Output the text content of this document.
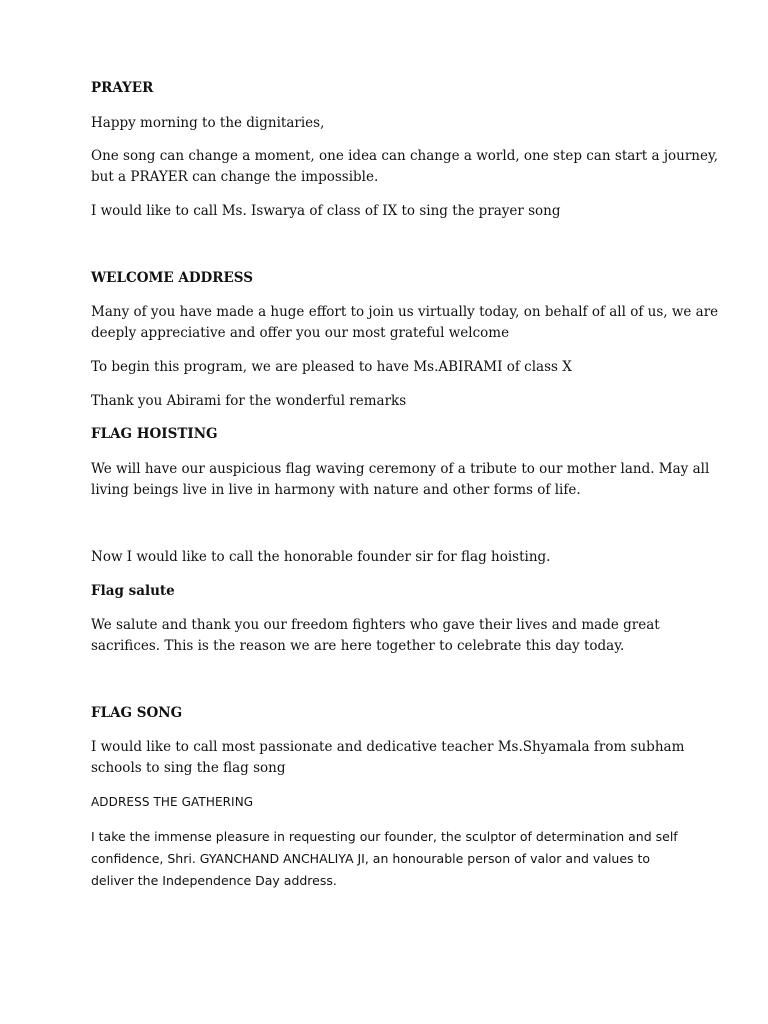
PRAYER

Happy morning to the dignitaries,

One song can change a moment, one idea can change a world, one step can start a journey,
but a PRAYER can change the impossible.

I would like to call Ms. Iswarya of class of IX to sing the prayer song

WELCOME ADDRESS

Many of you have made a huge effort to join us virtually today, on behalf of all of us, we are
deeply appreciative and offer you our most grateful welcome

To begin this program, we are pleased to have Ms.ABIRAMI of class X

Thank you Abirami for the wonderful remarks

FLAG HOISTING

We will have our auspicious flag waving ceremony of a tribute to our mother land. May all
living beings live in live in harmony with nature and other forms of life.

Now I would like to call the honorable founder sir for flag hoisting.

Flag salute

We salute and thank you our freedom fighters who gave their lives and made great
sacrifices. This is the reason we are here together to celebrate this day today.

FLAG SONG

I would like to call most passionate and dedicative teacher Ms.Shyamala from subham
schools to sing the flag song

ADDRESS THE GATHERING

I take the immense pleasure in requesting our founder, the sculptor of determination and self
confidence, Shri. GYANCHAND ANCHALIYA JI, an honourable person of valor and values to
deliver the Independence Day address.
